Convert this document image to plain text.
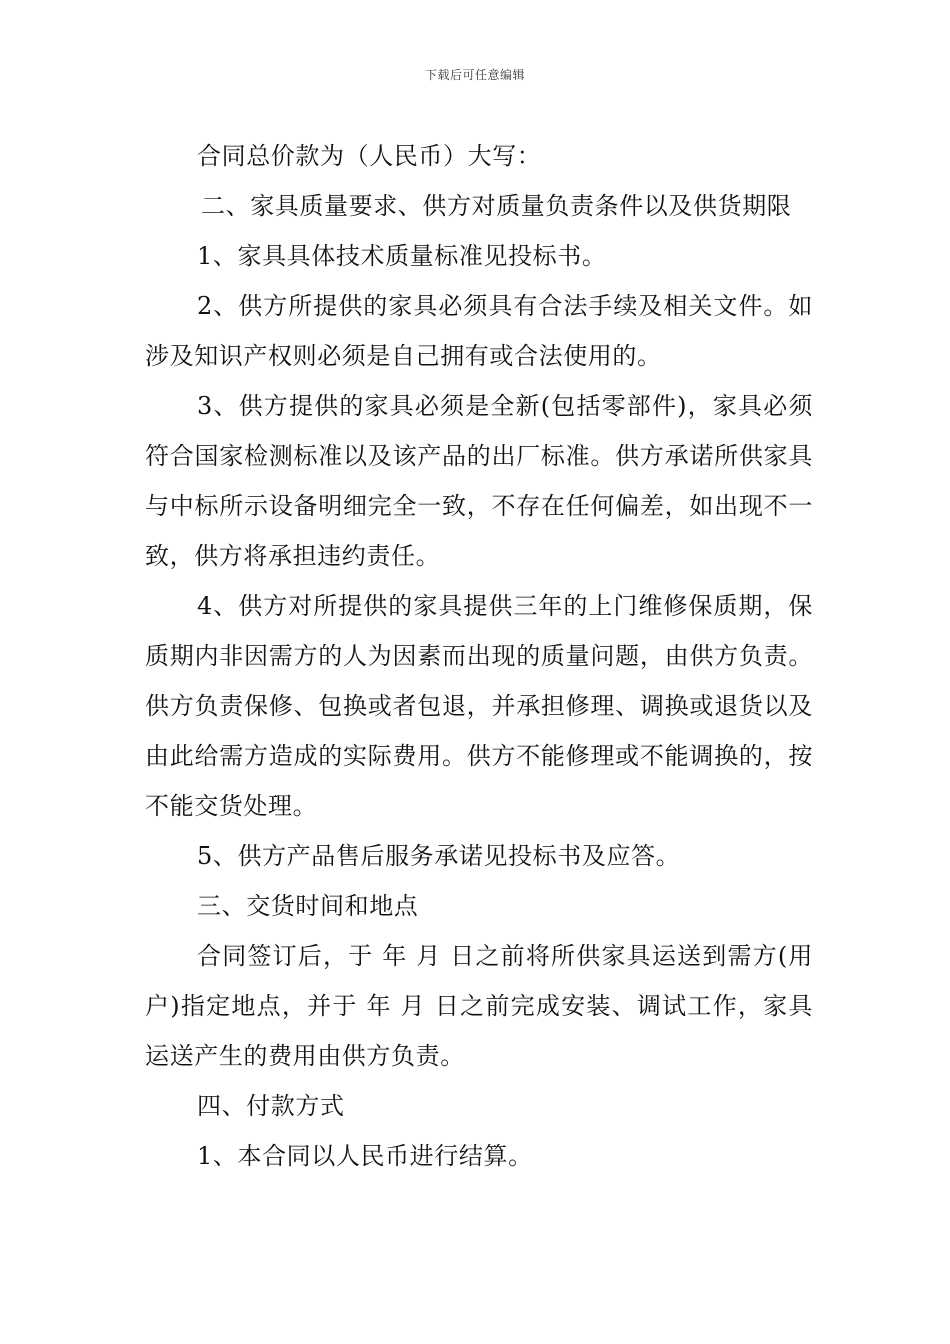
下载后可任意编辑

合同总价款为（人民币）大写：

二、家具质量要求、供方对质量负责条件以及供货期限

1、家具具体技术质量标准见投标书。

2、供方所提供的家具必须具有合法手续及相关文件。如涉及知识产权则必须是自己拥有或合法使用的。

3、供方提供的家具必须是全新(包括零部件)，家具必须符合国家检测标准以及该产品的出厂标准。供方承诺所供家具与中标所示设备明细完全一致，不存在任何偏差，如出现不一致，供方将承担违约责任。

4、供方对所提供的家具提供三年的上门维修保质期，保质期内非因需方的人为因素而出现的质量问题，由供方负责。供方负责保修、包换或者包退，并承担修理、调换或退货以及由此给需方造成的实际费用。供方不能修理或不能调换的，按不能交货处理。

5、供方产品售后服务承诺见投标书及应答。

三、交货时间和地点

合同签订后，于 年 月 日之前将所供家具运送到需方(用户)指定地点，并于 年 月 日之前完成安装、调试工作，家具运送产生的费用由供方负责。

四、付款方式

1、本合同以人民币进行结算。
